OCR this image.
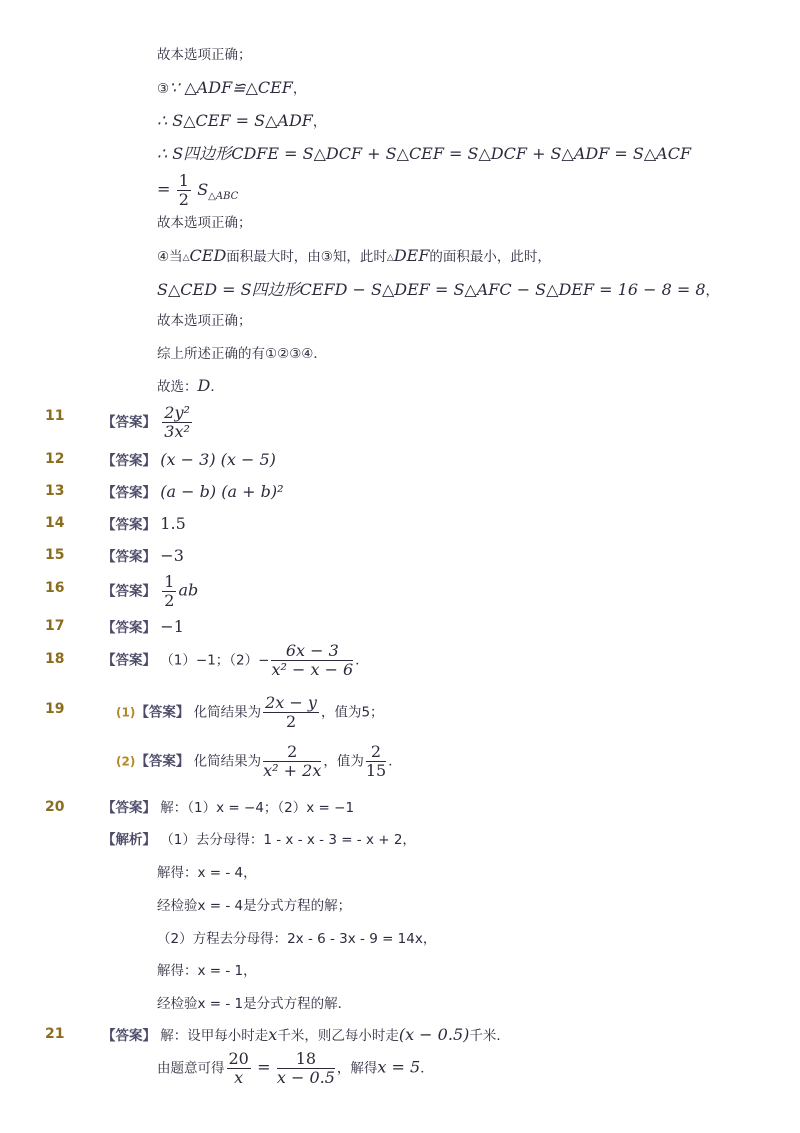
故本选项正确；
③∵ △ADF≌△CEF，
∴ S△CEF = S△ADF，
∴ S四边形CDFE = S△DCF + S△CEF = S△DCF + S△ADF = S△ACF
= $\frac{1}{2} S_{\triangle ABC}$
故本选项正确；
④当△CED面积最大时，由③知，此时△DEF的面积最小，此时，
S△CED = S四边形CEFD − S△DEF = S△AFC − S△DEF = 16 − 8 = 8，
故本选项正确；
综上所述正确的有①②③④．
故选：D．
11	【答案】 $\frac{\text{2y²}}{\text{3x²}}$
12	【答案】 (x − 3) (x − 5)
13	【答案】 (a − b) (a + b)²
14	【答案】 1.5
15	【答案】 −3
16	【答案】 $\frac{1}{2}$ ab
17	【答案】 −1
18	【答案】 （1）−1；$(2)- \frac{6x - 3}{\text{x² − x − 6}}$ ．
19	(1)【答案】 化简结果为 $\frac{2x - y}{2}$ ，值为5；
(2)【答案】 化简结果为 $\frac{2}{\text{x² + 2x}}$ ，值为 $\frac{2}{15}$ ．
20	【答案】 解：（1）x = −4；（2）x = −1
【解析】 （1）去分母得：1 - x - x - 3 = - x + 2，
解得：x = - 4，
经检验x = - 4是分式方程的解；
（2）方程去分母得：2x - 6 - 3x - 9 = 14x，
解得：x = - 1，
经检验x = - 1是分式方程的解．
21	【答案】 解：设甲每小时走x千米，则乙每小时走(x − 0.5)千米．
由题意可得 $\frac{20}{x} = \frac{18}{x - 0.5}$ ，解得x = 5．
